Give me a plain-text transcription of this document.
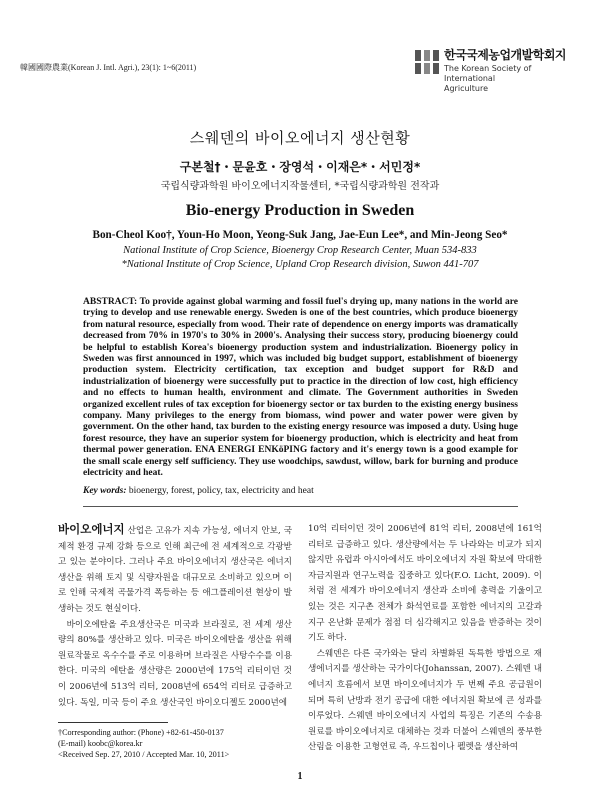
韓國國際農業(Korean J. Intl. Agri.), 23(1): 1~6(2011)
한국국제농업개발학회지
The Korean Society of International
Agriculture
스웨덴의 바이오에너지 생산현황
구본철†・문윤호・장영석・이재은*・서민정*
국립식량과학원 바이오에너지작물센터, *국립식량과학원 전작과
Bio-energy Production in Sweden
Bon-Cheol Koo†, Youn-Ho Moon, Yeong-Suk Jang, Jae-Eun Lee*, and Min-Jeong Seo*
National Institute of Crop Science, Bioenergy Crop Research Center, Muan 534-833
*National Institute of Crop Science, Upland Crop Research division, Suwon 441-707
ABSTRACT: To provide against global warming and fossil fuel's drying up, many nations in the world are trying to develop and use renewable energy. Sweden is one of the best countries, which produce bioenergy from natural resource, especially from wood. Their rate of dependence on energy imports was dramatically decreased from 70% in 1970's to 30% in 2000's. Analysing their success story, producing bioenergy could be helpful to establish Korea's bioenergy production system and industrialization. Bioenergy policy in Sweden was first announced in 1997, which was included big budget support, establishment of bioenergy production system. Electricity certification, tax exception and budget support for R&D and industrialization of bioenergy were successfully put to practice in the direction of low cost, high efficiency and no effects to human health, environment and climate. The Government authorities in Sweden organized excellent rules of tax exception for bioenergy sector or tax burden to the existing energy business company. Many privileges to the energy from biomass, wind power and water power were given by government. On the other hand, tax burden to the existing energy resource was imposed a duty. Using huge forest resource, they have an superior system for bioenergy production, which is electricity and heat from thermal power generation. ENA ENERGI ENKöPING factory and it's energy town is a good example for the small scale energy self sufficiency. They use woodchips, sawdust, willow, bark for burning and produce electricity and heat.
Key words: bioenergy, forest, policy, tax, electricity and heat

바이오에너지 산업은 고유가 지속 가능성, 에너지 안보, 국제적 환경 규제 강화 등으로 인해 최근에 전 세계적으로 각광받고 있는 분야이다. 그러나 주요 바이오에너지 생산국은 에너지 생산을 위해 토지 및 식량자원을 대규모로 소비하고 있으며 이로 인해 국제적 곡물가격 폭등하는 등 애그플레이션 현상이 발생하는 것도 현실이다.

바이오에탄올 주요생산국은 미국과 브라질로, 전 세계 생산량의 80%를 생산하고 있다. 미국은 바이오에탄올 생산을 위해 원료작물로 옥수수를 주로 이용하며 브라질은 사탕수수를 이용한다. 미국의 에탄올 생산량은 2000년에 175억 리터이던 것이 2006년에 513억 리터, 2008년에 654억 리터로 급증하고 있다. 독일, 미국 등이 주요 생산국인 바이오디젤도 2000년에

10억 리터이던 것이 2006년에 81억 리터, 2008년에 161억 리터로 급증하고 있다. 생산량에서는 두 나라와는 비교가 되지 않지만 유럽과 아시아에서도 바이오에너지 자원 확보에 막대한 자금지원과 연구노력을 집중하고 있다(F.O. Licht, 2009). 이처럼 전 세계가 바이오에너지 생산과 소비에 총력을 기울이고 있는 것은 지구촌 전체가 화석연료를 포함한 에너지의 고갈과 지구 온난화 문제가 점점 더 심각해지고 있음을 반증하는 것이기도 하다.

스웨덴은 다른 국가와는 달리 차별화된 독특한 방법으로 재생에너지를 생산하는 국가이다(Johanssan, 2007). 스웨덴 내 에너지 흐름에서 보면 바이오에너지가 두 번째 주요 공급원이 되며 특히 난방과 전기 공급에 대한 에너지원 확보에 큰 성과를 이루었다. 스웨덴 바이오에너지 사업의 특징은 기존의 수송용 원료를 바이오에너지로 대체하는 것과 더불어 스웨덴의 풍부한 산림을 이용한 고형연료 즉, 우드칩이나 펠렛을 생산하여

†Corresponding author: (Phone) +82-61-450-0137
(E-mail) koobc@korea.kr
<Received Sep. 27, 2010 / Accepted Mar. 10, 2011>
1
